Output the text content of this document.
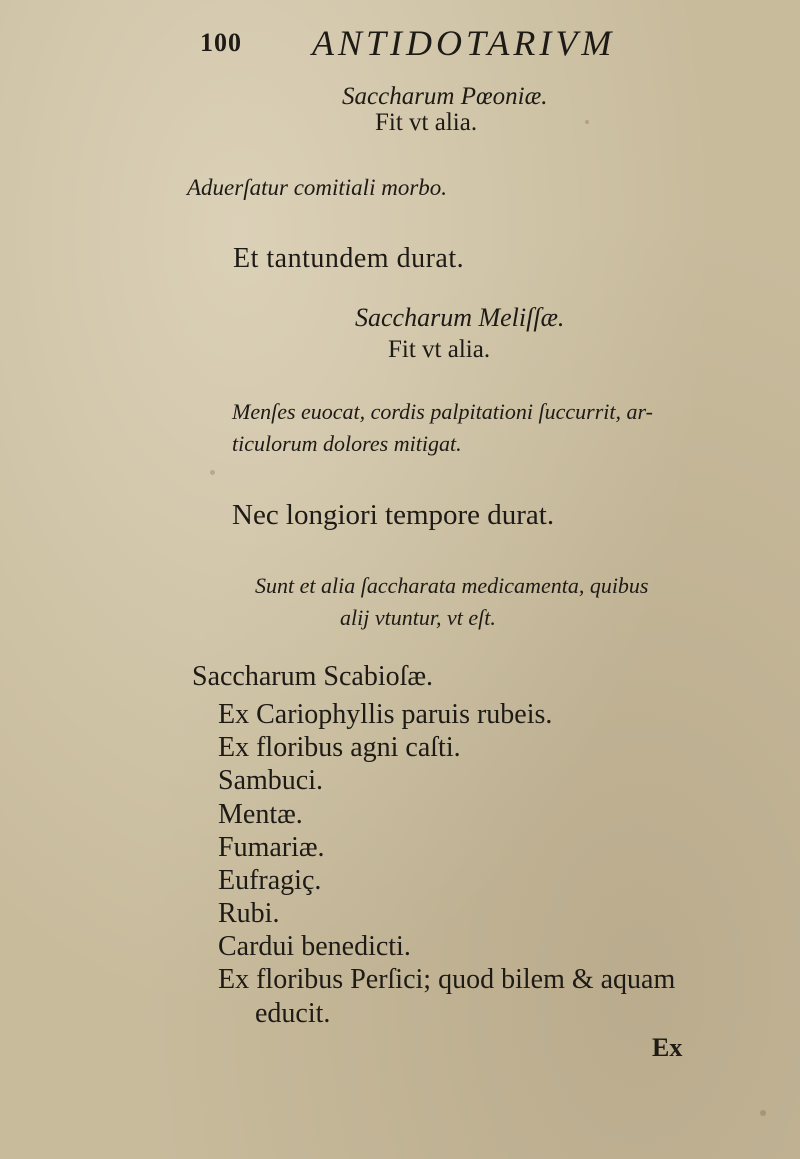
100 ANTIDOTARIVM
Saccharum Pœoniæ.
Fit vt alia.
Aduerſatur comitiali morbo.
Et tantundem durat.
Saccharum Meliſſæ.
Fit vt alia.
Menſes euocat, cordis palpitationi ſuccurrit, ar-
ticulorum dolores mitigat.
Nec longiori tempore durat.
Sunt et alia ſaccharata medicamenta, quibus
alij vtuntur, vt eſt.
Saccharum Scabioſæ.
Ex Cariophyllis paruis rubeis.
Ex floribus agni caſti.
Sambuci.
Mentæ.
Fumariæ.
Eufragiç.
Rubi.
Cardui benedicti.
Ex floribus Perſici; quod bilem & aquam
educit.
Ex
